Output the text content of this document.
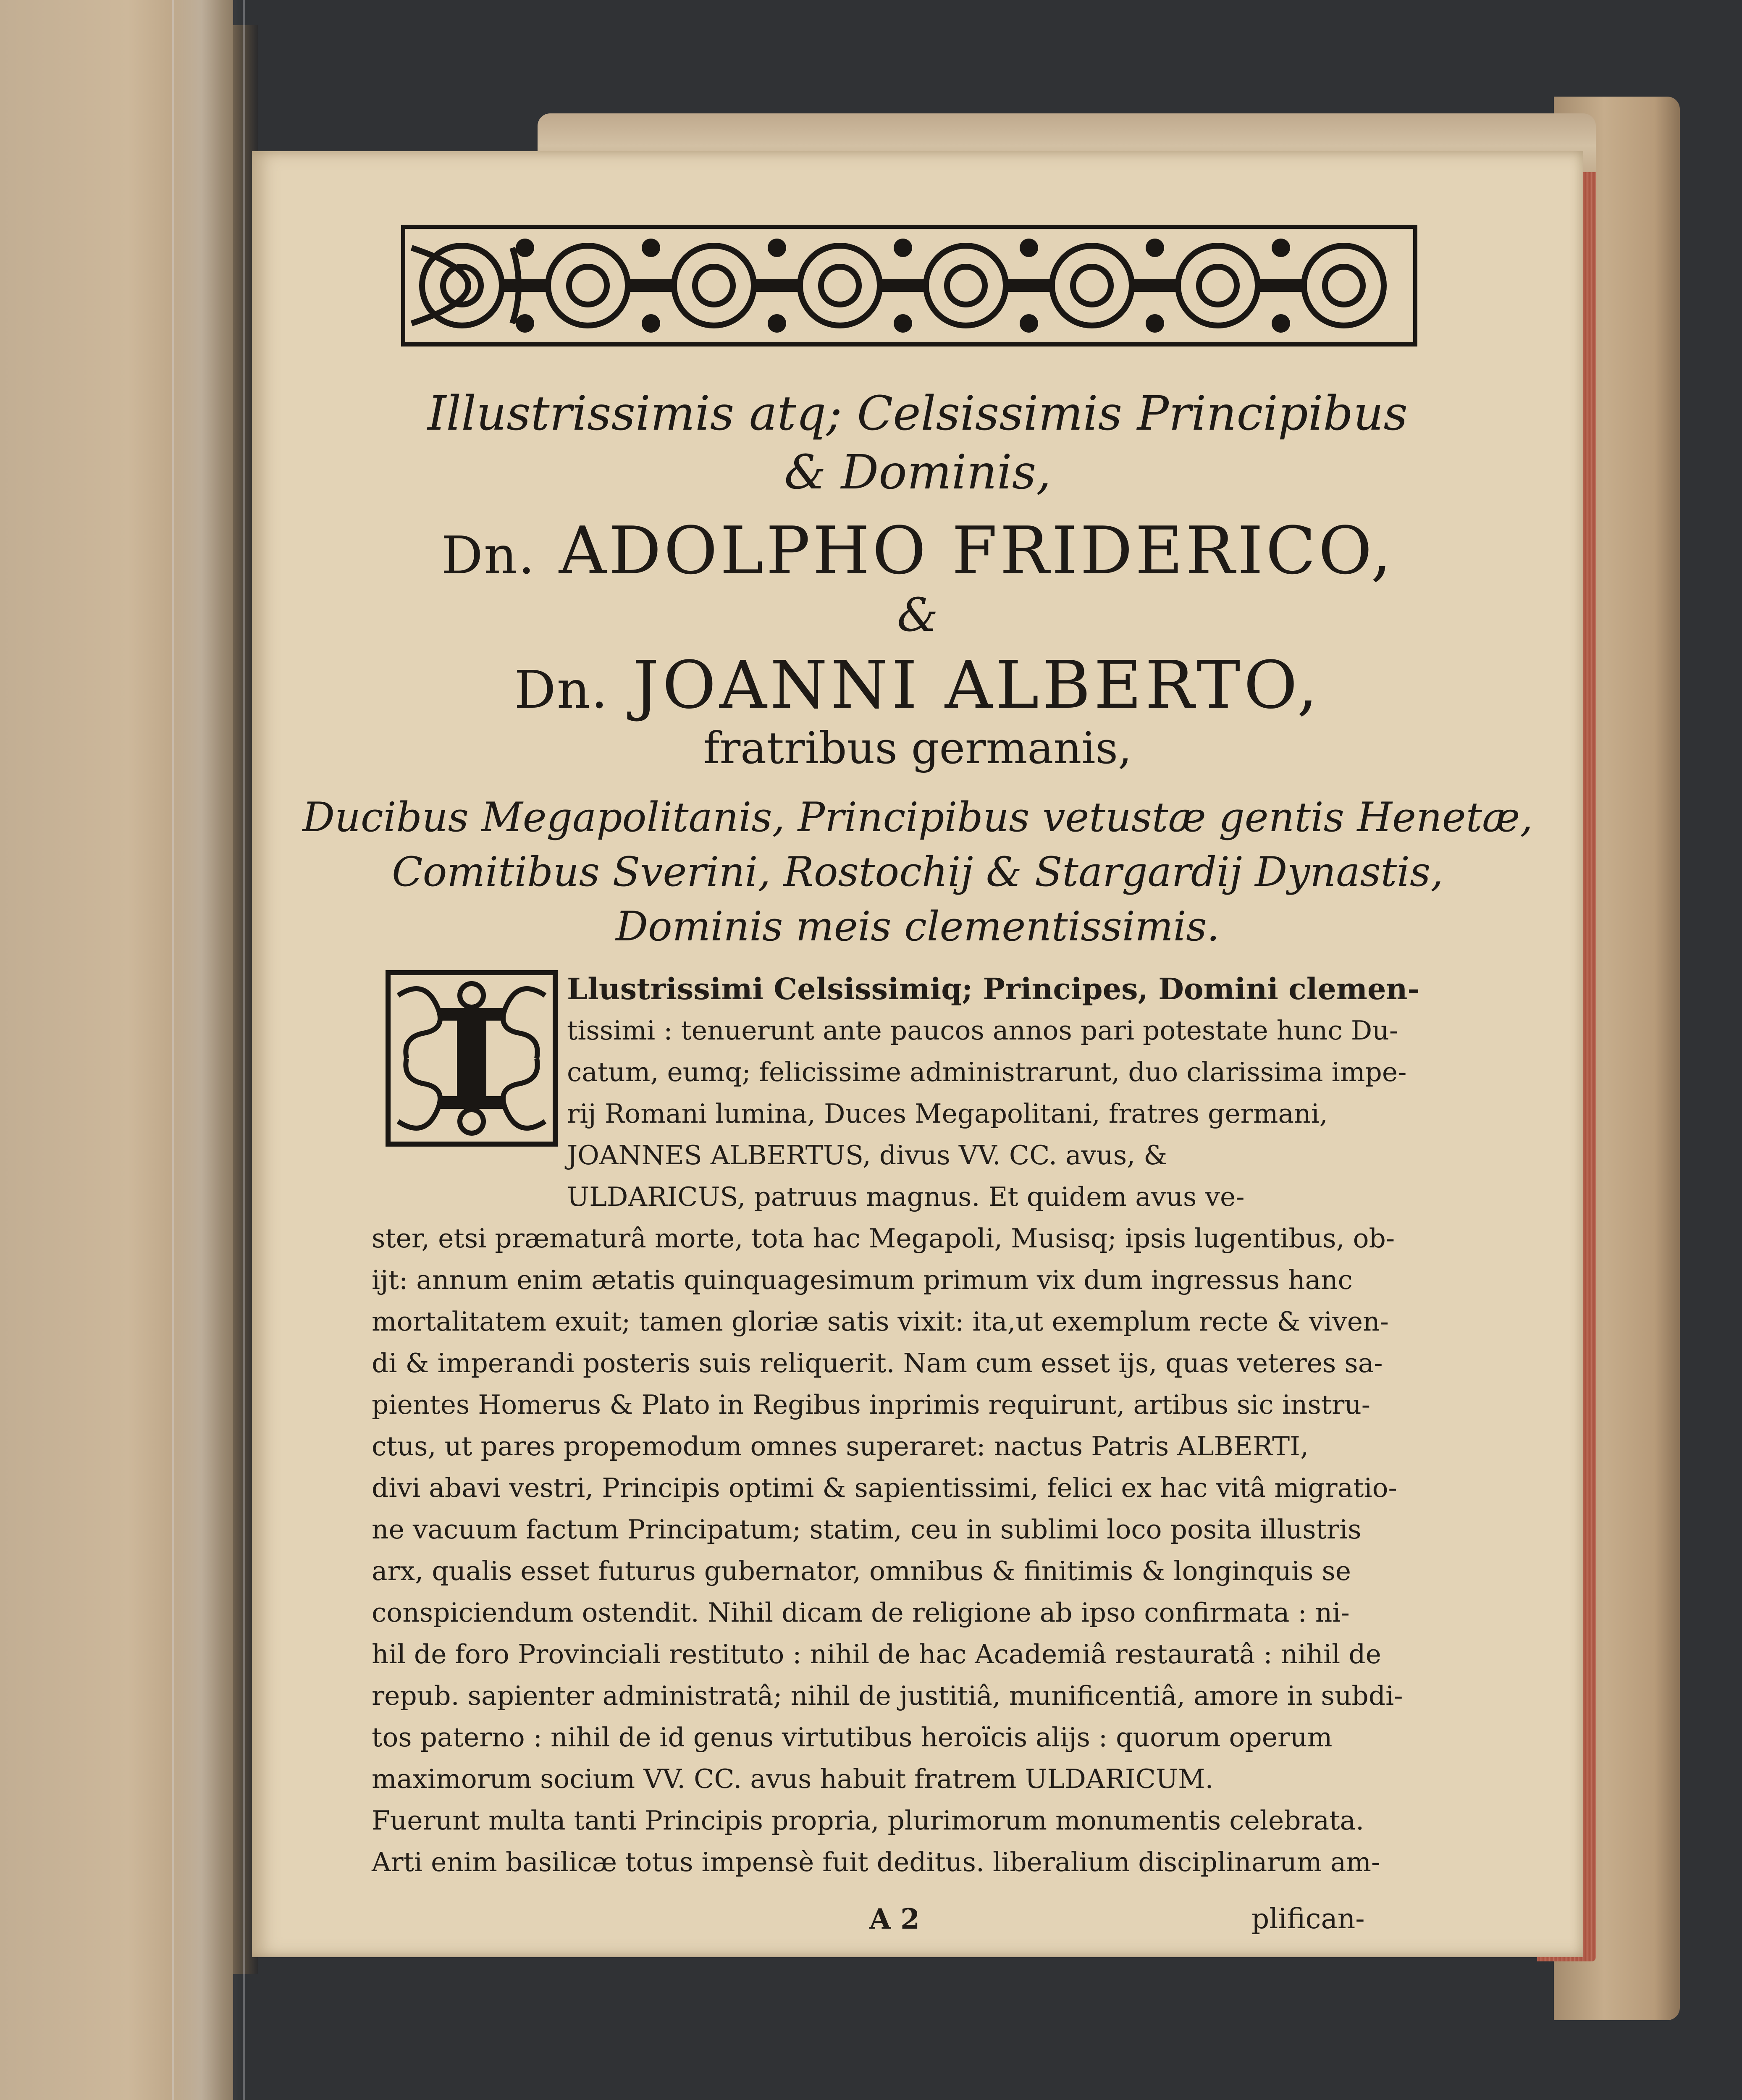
Illustrissimis atq; Celsissimis Principibus
& Dominis,
Dn. ADOLPHO FRIDERICO,
&
Dn. JOANNI ALBERTO,
fratribus germanis,
Ducibus Megapolitanis, Principibus vetustæ gentis Henetæ,
Comitibus Sverini, Rostochij & Stargardij Dynastis,
Dominis meis clementissimis.
Llustrissimi Celsissimiq; Principes, Domini clemen-
tissimi : tenuerunt ante paucos annos pari potestate hunc Du-
catum, eumq; felicissime administrarunt, duo clarissima impe-
rij Romani lumina, Duces Megapolitani, fratres germani,
JOANNES ALBERTUS, divus VV. CC. avus, &
ULDARICUS, patruus magnus. Et quidem avus ve-
ster, etsi præmaturâ morte, tota hac Megapoli, Musisq; ipsis lugentibus, ob-
ijt: annum enim ætatis quinquagesimum primum vix dum ingressus hanc
mortalitatem exuit; tamen gloriæ satis vixit: ita,ut exemplum recte & viven-
di & imperandi posteris suis reliquerit. Nam cum esset ijs, quas veteres sa-
pientes Homerus & Plato in Regibus inprimis requirunt, artibus sic instru-
ctus, ut pares propemodum omnes superaret: nactus Patris ALBERTI,
divi abavi vestri, Principis optimi & sapientissimi, felici ex hac vitâ migratio-
ne vacuum factum Principatum; statim, ceu in sublimi loco posita illustris
arx, qualis esset futurus gubernator, omnibus & finitimis & longinquis se
conspiciendum ostendit. Nihil dicam de religione ab ipso confirmata : ni-
hil de foro Provinciali restituto : nihil de hac Academiâ restauratâ : nihil de
repub. sapienter administratâ; nihil de justitiâ, munificentiâ, amore in subdi-
tos paterno : nihil de id genus virtutibus heroïcis alijs : quorum operum
maximorum socium VV. CC. avus habuit fratrem ULDARICUM.
Fuerunt multa tanti Principis propria, plurimorum monumentis celebrata.
Arti enim basilicæ totus impensè fuit deditus. liberalium disciplinarum am-
A 2	plifican-
